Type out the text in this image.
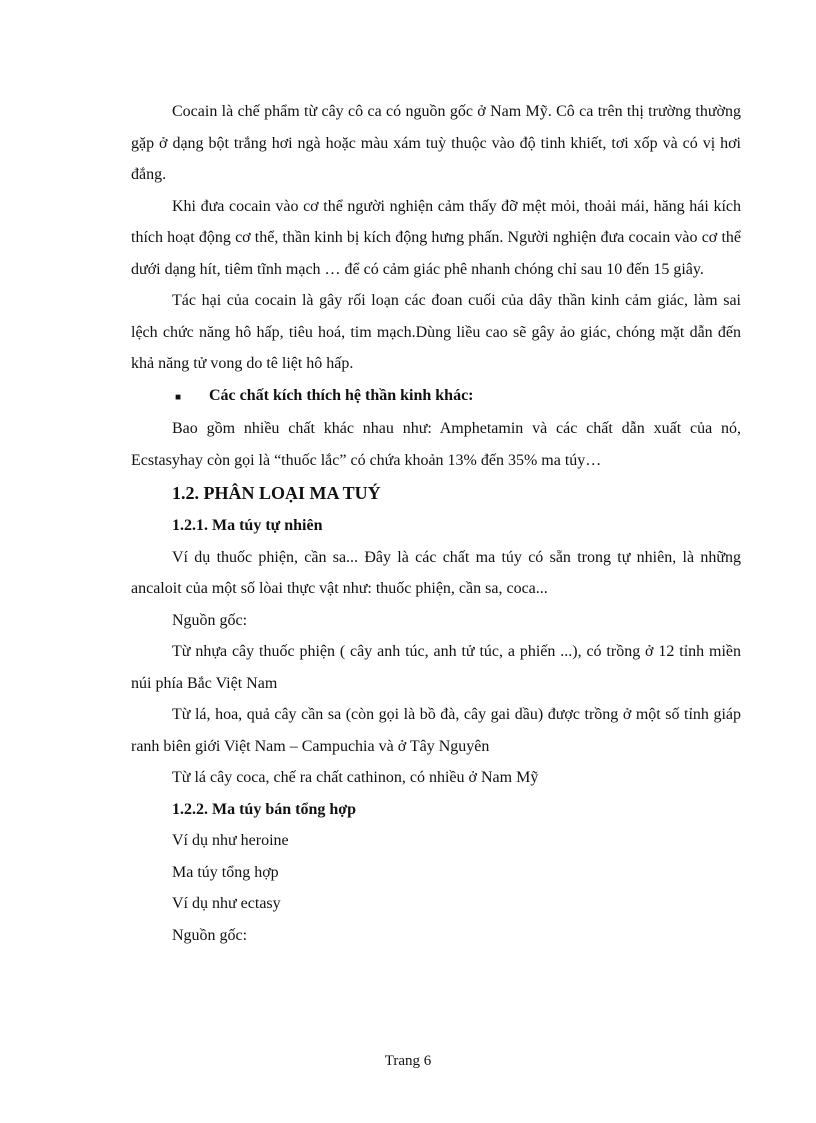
Cocain là chế phẩm từ cây cô ca có nguồn gốc ở Nam Mỹ. Cô ca trên thị trường thường gặp ở dạng bột trắng hơi ngà hoặc màu xám tuỳ thuộc vào độ tinh khiết, tơi xốp và có vị hơi đắng.

Khi đưa cocain vào cơ thể người nghiện cảm thấy đỡ mệt mỏi, thoải mái, hăng hái kích thích hoạt động cơ thể, thần kinh bị kích động hưng phấn. Người nghiện đưa cocain vào cơ thể dưới dạng hít, tiêm tĩnh mạch … để có cảm giác phê nhanh chóng chỉ sau 10 đến 15 giây.

Tác hại của cocain là gây rối loạn các đoan cuối của dây thần kinh cảm giác, làm sai lệch chức năng hô hấp, tiêu hoá, tim mạch.Dùng liều cao sẽ gây ảo giác, chóng mặt dẫn đến khả năng tử vong do tê liệt hô hấp.

■	Các chất kích thích hệ thần kinh khác:

Bao gồm nhiều chất khác nhau như: Amphetamin và các chất dẫn xuất của nó, Ecstasyhay còn gọi là “thuốc lắc” có chứa khoản 13% đến 35% ma túy…

1.2. PHÂN LOẠI MA TUÝ
1.2.1. Ma túy tự nhiên

Ví dụ thuốc phiện, cần sa... Đây là các chất ma túy có sẵn trong tự nhiên, là những ancaloit của một số lòai thực vật như: thuốc phiện, cần sa, coca...

Nguồn gốc:

Từ nhựa cây thuốc phiện ( cây anh túc, anh tử túc, a phiến ...), có trồng ở 12 tỉnh miền núi phía Bắc Việt Nam

Từ lá, hoa, quả cây cần sa (còn gọi là bồ đà, cây gai dầu) được trồng ở một số tỉnh giáp ranh biên giới Việt Nam – Campuchia và ở Tây Nguyên

Từ lá cây coca, chế ra chất cathinon, có nhiều ở Nam Mỹ

1.2.2. Ma túy bán tổng hợp
Ví dụ như heroine
Ma túy tổng hợp
Ví dụ như ectasy
Nguồn gốc:
Trang 6
